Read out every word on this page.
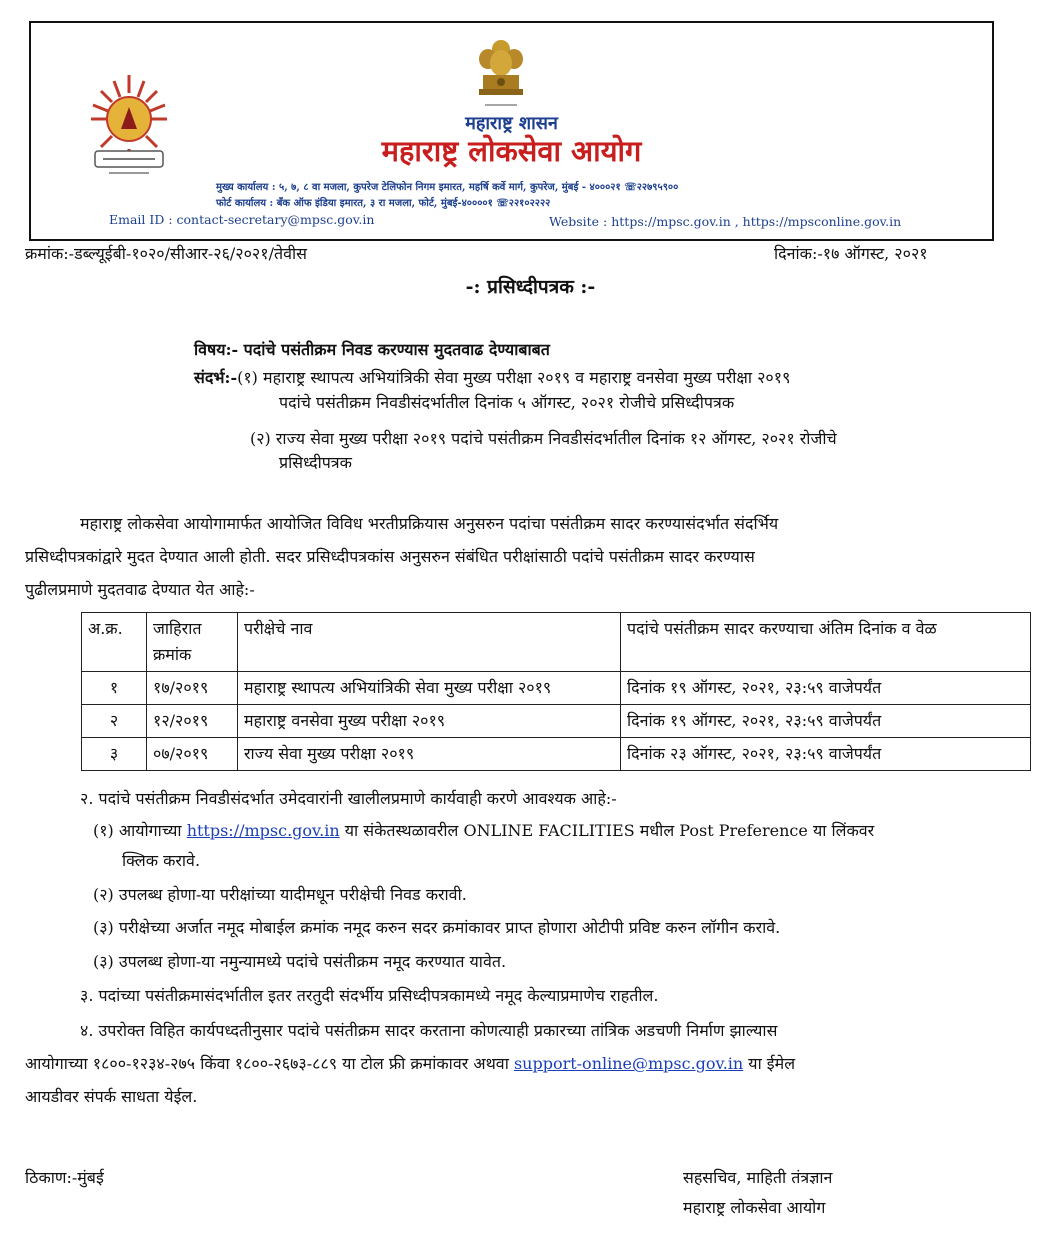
महाराष्ट्र शासन
महाराष्ट्र लोकसेवा आयोग
मुख्य कार्यालय : ५, ७, ८ वा मजला, कुपरेज टेलिफोन निगम इमारत, महर्षि कर्वे मार्ग, कुपरेज, मुंबई - ४०००२१ ☏२२७९५९००
फोर्ट कार्यालय : बँक ऑफ इंडिया इमारत, ३ रा मजला, फोर्ट, मुंबई-४००००१ ☏२२१०२२२२
Email ID : contact-secretary@mpsc.gov.in	Website : https://mpsc.gov.in , https://mpsconline.gov.in
क्रमांक:-डब्ल्यूईबी-१०२०/सीआर-२६/२०२१/तेवीस	दिनांक:-१७ ऑगस्ट, २०२१
-: प्रसिध्दीपत्रक :-
विषय:- पदांचे पसंतीक्रम निवड करण्यास मुदतवाढ देण्याबाबत
संदर्भ:-(१) महाराष्ट्र स्थापत्य अभियांत्रिकी सेवा मुख्य परीक्षा २०१९ व महाराष्ट्र वनसेवा मुख्य परीक्षा २०१९
पदांचे पसंतीक्रम निवडीसंदर्भातील दिनांक ५ ऑगस्ट, २०२१ रोजीचे प्रसिध्दीपत्रक
(२) राज्य सेवा मुख्य परीक्षा २०१९ पदांचे पसंतीक्रम निवडीसंदर्भातील दिनांक १२ ऑगस्ट, २०२१ रोजीचे
प्रसिध्दीपत्रक
महाराष्ट्र लोकसेवा आयोगामार्फत आयोजित विविध भरतीप्रक्रियास अनुसरुन पदांचा पसंतीक्रम सादर करण्यासंदर्भात संदर्भिय
प्रसिध्दीपत्रकांद्वारे मुदत देण्यात आली होती. सदर प्रसिध्दीपत्रकांस अनुसरुन संबंधित परीक्षांसाठी पदांचे पसंतीक्रम सादर करण्यास
पुढीलप्रमाणे मुदतवाढ देण्यात येत आहे:-
अ.क्र.	जाहिरात क्रमांक	परीक्षेचे नाव	पदांचे पसंतीक्रम सादर करण्याचा अंतिम दिनांक व वेळ
१	१७/२०१९	महाराष्ट्र स्थापत्य अभियांत्रिकी सेवा मुख्य परीक्षा २०१९	दिनांक १९ ऑगस्ट, २०२१, २३:५९ वाजेपर्यंत
२	१२/२०१९	महाराष्ट्र वनसेवा मुख्य परीक्षा २०१९	दिनांक १९ ऑगस्ट, २०२१, २३:५९ वाजेपर्यंत
३	०७/२०१९	राज्य सेवा मुख्य परीक्षा २०१९	दिनांक २३ ऑगस्ट, २०२१, २३:५९ वाजेपर्यंत
२. पदांचे पसंतीक्रम निवडीसंदर्भात उमेदवारांनी खालीलप्रमाणे कार्यवाही करणे आवश्यक आहे:-
(१) आयोगाच्या https://mpsc.gov.in या संकेतस्थळावरील ONLINE FACILITIES मधील Post Preference या लिंकवर
क्लिक करावे.
(२) उपलब्ध होणा-या परीक्षांच्या यादीमधून परीक्षेची निवड करावी.
(३) परीक्षेच्या अर्जात नमूद मोबाईल क्रमांक नमूद करुन सदर क्रमांकावर प्राप्त होणारा ओटीपी प्रविष्ट करुन लॉगीन करावे.
(३) उपलब्ध होणा-या नमुन्यामध्ये पदांचे पसंतीक्रम नमूद करण्यात यावेत.
३. पदांच्या पसंतीक्रमासंदर्भातील इतर तरतुदी संदर्भीय प्रसिध्दीपत्रकामध्ये नमूद केल्याप्रमाणेच राहतील.
४. उपरोक्त विहित कार्यपध्दतीनुसार पदांचे पसंतीक्रम सादर करताना कोणत्याही प्रकारच्या तांत्रिक अडचणी निर्माण झाल्यास
आयोगाच्या १८००-१२३४-२७५ किंवा १८००-२६७३-८८९ या टोल फ्री क्रमांकावर अथवा support-online@mpsc.gov.in या ईमेल
आयडीवर संपर्क साधता येईल.
ठिकाण:-मुंबई	सहसचिव, माहिती तंत्रज्ञान
महाराष्ट्र लोकसेवा आयोग
